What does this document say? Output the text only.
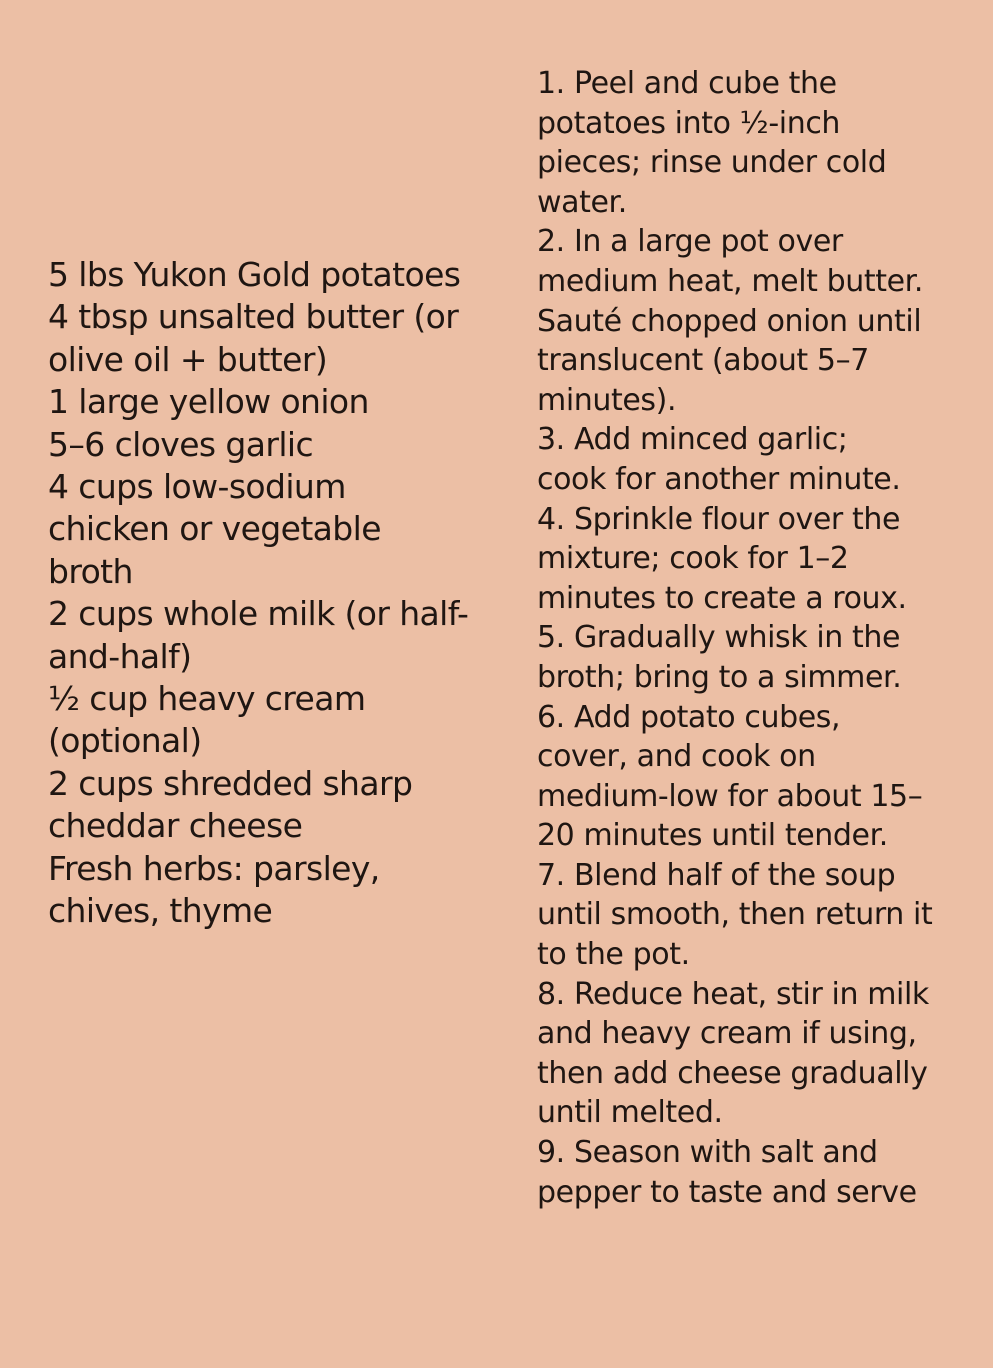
5 lbs Yukon Gold potatoes
4 tbsp unsalted butter (or
olive oil + butter)
1 large yellow onion
5–6 cloves garlic
4 cups low-sodium
chicken or vegetable
broth
2 cups whole milk (or half-
and-half)
½ cup heavy cream
(optional)
2 cups shredded sharp
cheddar cheese
Fresh herbs: parsley,
chives, thyme
1. Peel and cube the
potatoes into ½-inch
pieces; rinse under cold
water.
2. In a large pot over
medium heat, melt butter.
Sauté chopped onion until
translucent (about 5–7
minutes).
3. Add minced garlic;
cook for another minute.
4. Sprinkle flour over the
mixture; cook for 1–2
minutes to create a roux.
5. Gradually whisk in the
broth; bring to a simmer.
6. Add potato cubes,
cover, and cook on
medium-low for about 15–
20 minutes until tender.
7. Blend half of the soup
until smooth, then return it
to the pot.
8. Reduce heat, stir in milk
and heavy cream if using,
then add cheese gradually
until melted.
9. Season with salt and
pepper to taste and serve
